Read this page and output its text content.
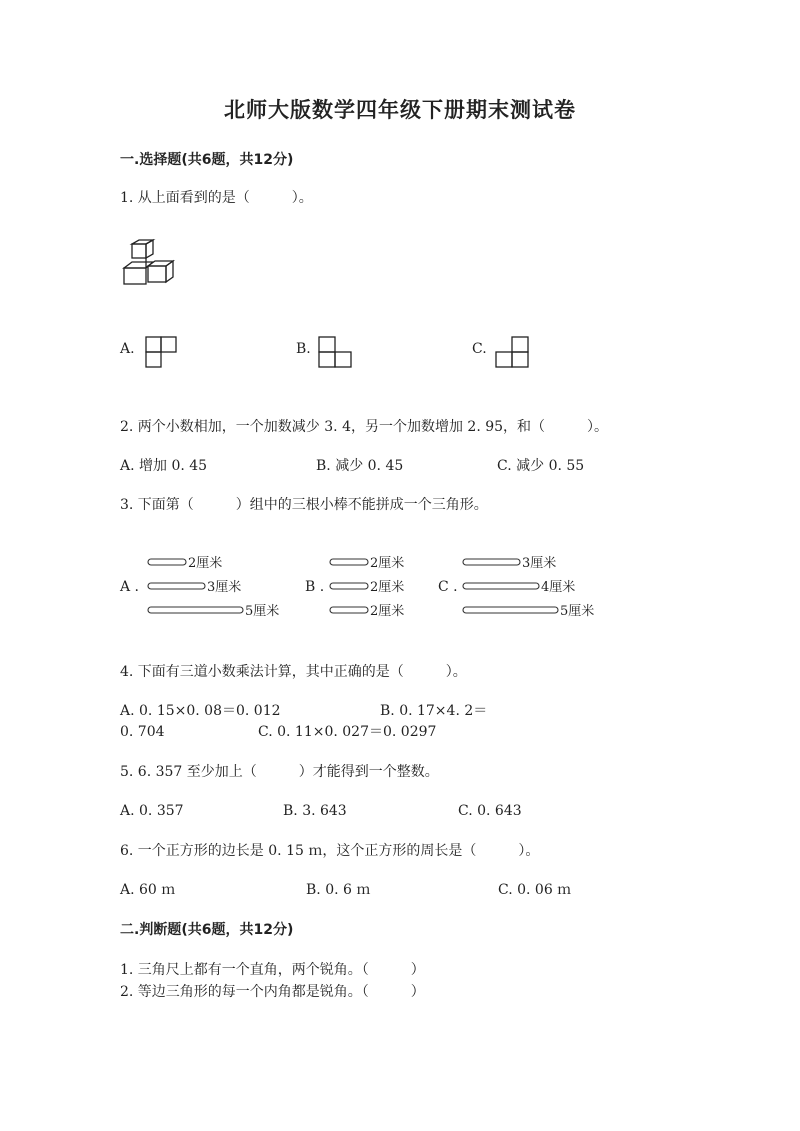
北师大版数学四年级下册期末测试卷
一.选择题(共6题，共12分)
1. 从上面看到的是（　　　）。
A.	B.	C.
2. 两个小数相加，一个加数减少 3. 4，另一个加数增加 2. 95，和（　　　）。
A. 增加 0. 45	B. 减少 0. 45	C. 减少 0. 55
3. 下面第（　　　）组中的三根小棒不能拼成一个三角形。
A .
2厘米
3厘米
5厘米
B .
2厘米
2厘米
2厘米
C .
3厘米
4厘米
5厘米
4. 下面有三道小数乘法计算，其中正确的是（　　　）。
A. 0. 15×0. 08＝0. 012	B. 0. 17×4. 2＝
0. 704	C. 0. 11×0. 027＝0. 0297
5. 6. 357 至少加上（　　　）才能得到一个整数。
A. 0. 357	B. 3. 643	C. 0. 643
6. 一个正方形的边长是 0. 15 ｍ，这个正方形的周长是（　　　）。
A. 60 ｍ	B. 0. 6 ｍ	C. 0. 06 ｍ
二.判断题(共6题，共12分)
1. 三角尺上都有一个直角，两个锐角。（　　　）
2. 等边三角形的每一个内角都是锐角。（　　　）
